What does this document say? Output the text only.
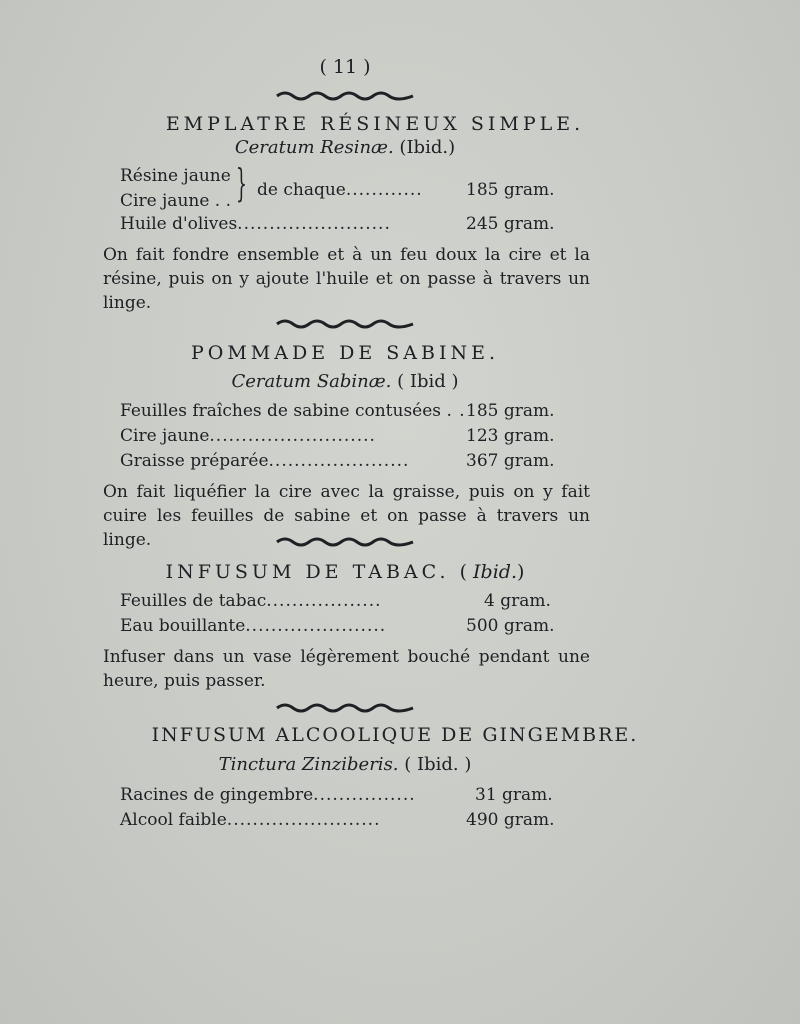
( 11 )
EMPLATRE RÉSINEUX SIMPLE.
Ceratum Resinæ. (Ibid.)
Résine jaune
Cire jaune . . } de chaque............	185 gram.
Huile d'olives........................	245 gram.
On fait fondre ensemble et à un feu doux la cire et la résine, puis on y ajoute l'huile et on passe à travers un linge.
POMMADE DE SABINE.
Ceratum Sabinæ. ( Ibid )
Feuilles fraîches de sabine contusées . . 185 gram.
Cire jaune..........................	123 gram.
Graisse préparée......................	367 gram.
On fait liquéfier la cire avec la graisse, puis on y fait cuire les feuilles de sabine et on passe à travers un linge.
INFUSUM DE TABAC. ( Ibid.)
Feuilles de tabac..................	4 gram.
Eau bouillante......................	500 gram.
Infuser dans un vase légèrement bouché pendant une heure, puis passer.
INFUSUM ALCOOLIQUE DE GINGEMBRE.
Tinctura Zinziberis. ( Ibid. )
Racines de gingembre................	31 gram.
Alcool faible........................	490 gram.
